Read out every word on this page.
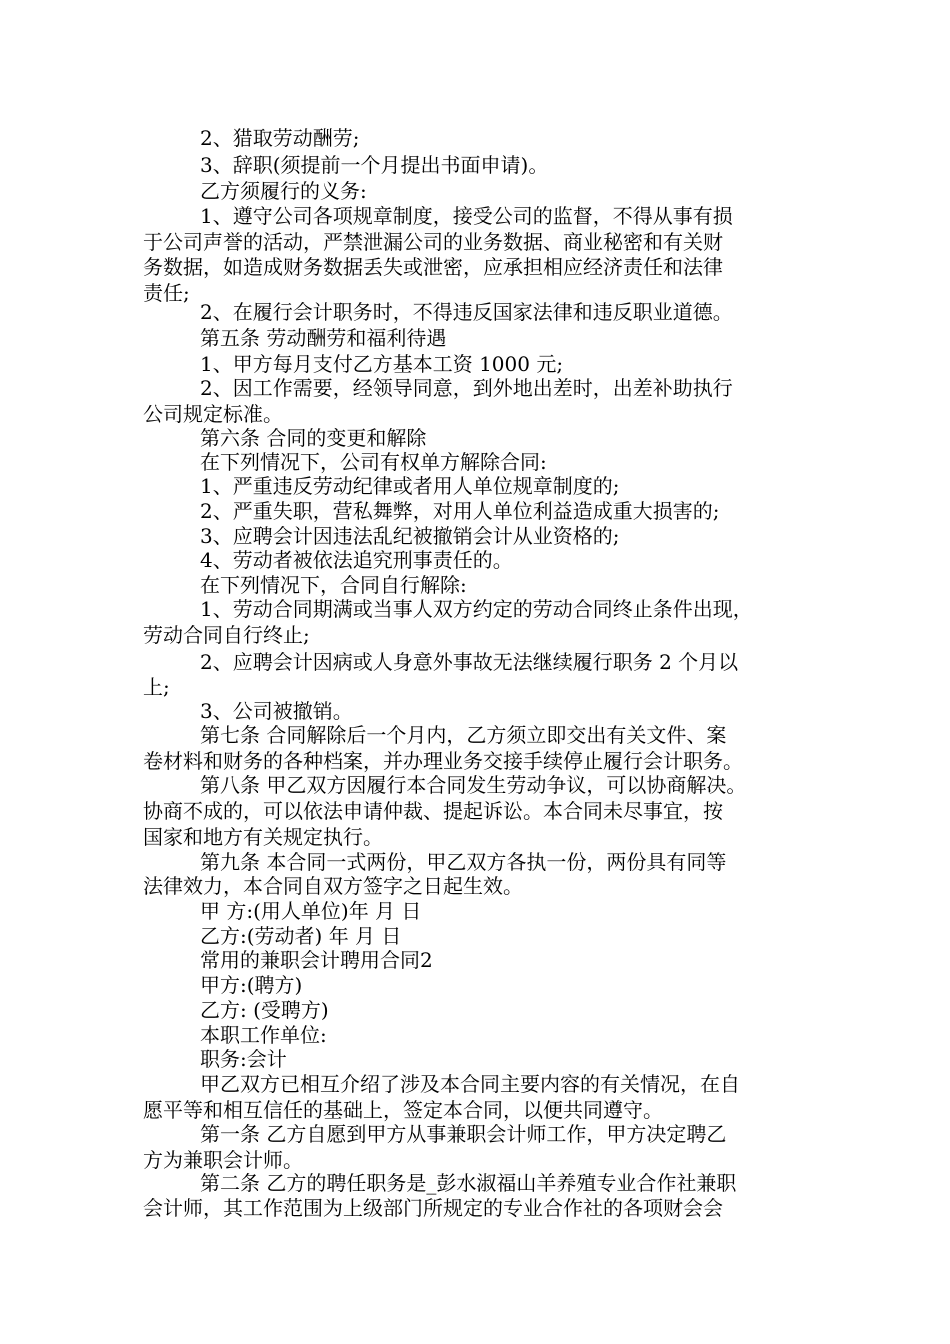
2、猎取劳动酬劳;

3、辞职(须提前一个月提出书面申请)。

乙方须履行的义务:

1、遵守公司各项规章制度，接受公司的监督，不得从事有损

于公司声誉的活动，严禁泄漏公司的业务数据、商业秘密和有关财

务数据，如造成财务数据丢失或泄密，应承担相应经济责任和法律

责任;

2、在履行会计职务时，不得违反国家法律和违反职业道德。

第五条 劳动酬劳和福利待遇

1、甲方每月支付乙方基本工资 1000 元;

2、因工作需要，经领导同意，到外地出差时，出差补助执行

公司规定标准。

第六条 合同的变更和解除

在下列情况下，公司有权单方解除合同:

1、严重违反劳动纪律或者用人单位规章制度的;

2、严重失职，营私舞弊，对用人单位利益造成重大损害的;

3、应聘会计因违法乱纪被撤销会计从业资格的;

4、劳动者被依法追究刑事责任的。

在下列情况下，合同自行解除:

1、劳动合同期满或当事人双方约定的劳动合同终止条件出现，

劳动合同自行终止;

2、应聘会计因病或人身意外事故无法继续履行职务 2 个月以

上;

3、公司被撤销。

第七条 合同解除后一个月内，乙方须立即交出有关文件、案

卷材料和财务的各种档案，并办理业务交接手续停止履行会计职务。

第八条 甲乙双方因履行本合同发生劳动争议，可以协商解决。

协商不成的，可以依法申请仲裁、提起诉讼。本合同未尽事宜，按

国家和地方有关规定执行。

第九条 本合同一式两份，甲乙双方各执一份，两份具有同等

法律效力，本合同自双方签字之日起生效。

甲 方:(用人单位)年 月 日

乙方:(劳动者) 年 月 日

常用的兼职会计聘用合同2

甲方:(聘方)

乙方: (受聘方)

本职工作单位:

职务:会计

甲乙双方已相互介绍了涉及本合同主要内容的有关情况，在自

愿平等和相互信任的基础上，签定本合同，以便共同遵守。

第一条 乙方自愿到甲方从事兼职会计师工作，甲方决定聘乙

方为兼职会计师。

第二条 乙方的聘任职务是_彭水淑福山羊养殖专业合作社兼职

会计师，其工作范围为上级部门所规定的专业合作社的各项财会会
